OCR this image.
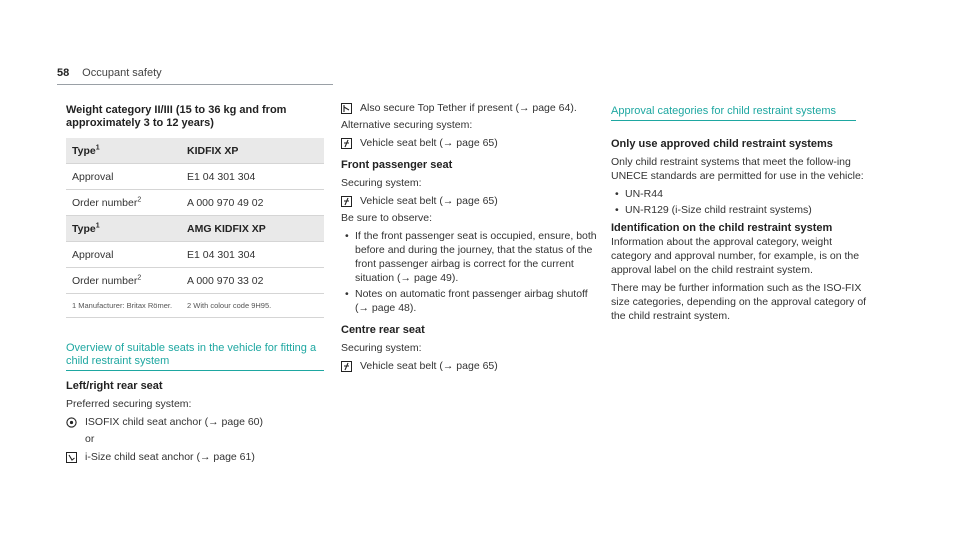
58 Occupant safety

Weight category II/III (15 to 36 kg and from approximately 3 to 12 years)

Type$^1$	KIDFIX XP
Approval	E1 04 301 304
Order number$^2$	A 000 970 49 02
Type$^1$	AMG KIDFIX XP
Approval	E1 04 301 304
Order number$^2$	A 000 970 33 02
1 Manufacturer: Britax Römer.	2 With colour code 9H95.
Overview of suitable seats in the vehicle for fitting a child restraint system

Left/right rear seat

Preferred securing system:

ISOFIX child seat anchor (→ page 60)

or

i-Size child seat anchor (→ page 61)
Also secure Top Tether if present (→ page 64).

Alternative securing system:

Vehicle seat belt (→ page 65)

Front passenger seat

Securing system:

Vehicle seat belt (→ page 65)

Be sure to observe:

• If the front passenger seat is occupied, ensure, both before and during the journey, that the status of the front passenger airbag is correct for the current situation (→ page 49).
• Notes on automatic front passenger airbag shutoff (→ page 48).

Centre rear seat

Securing system:

Vehicle seat belt (→ page 65)
Approval categories for child restraint systems

Only use approved child restraint systems

Only child restraint systems that meet the follow-ing UNECE standards are permitted for use in the vehicle:

• UN-R44
• UN-R129 (i-Size child restraint systems)

Identification on the child restraint system

Information about the approval category, weight category and approval number, for example, is on the approval label on the child restraint system.

There may be further information such as the ISO-FIX size categories, depending on the approval category of the child restraint system.
